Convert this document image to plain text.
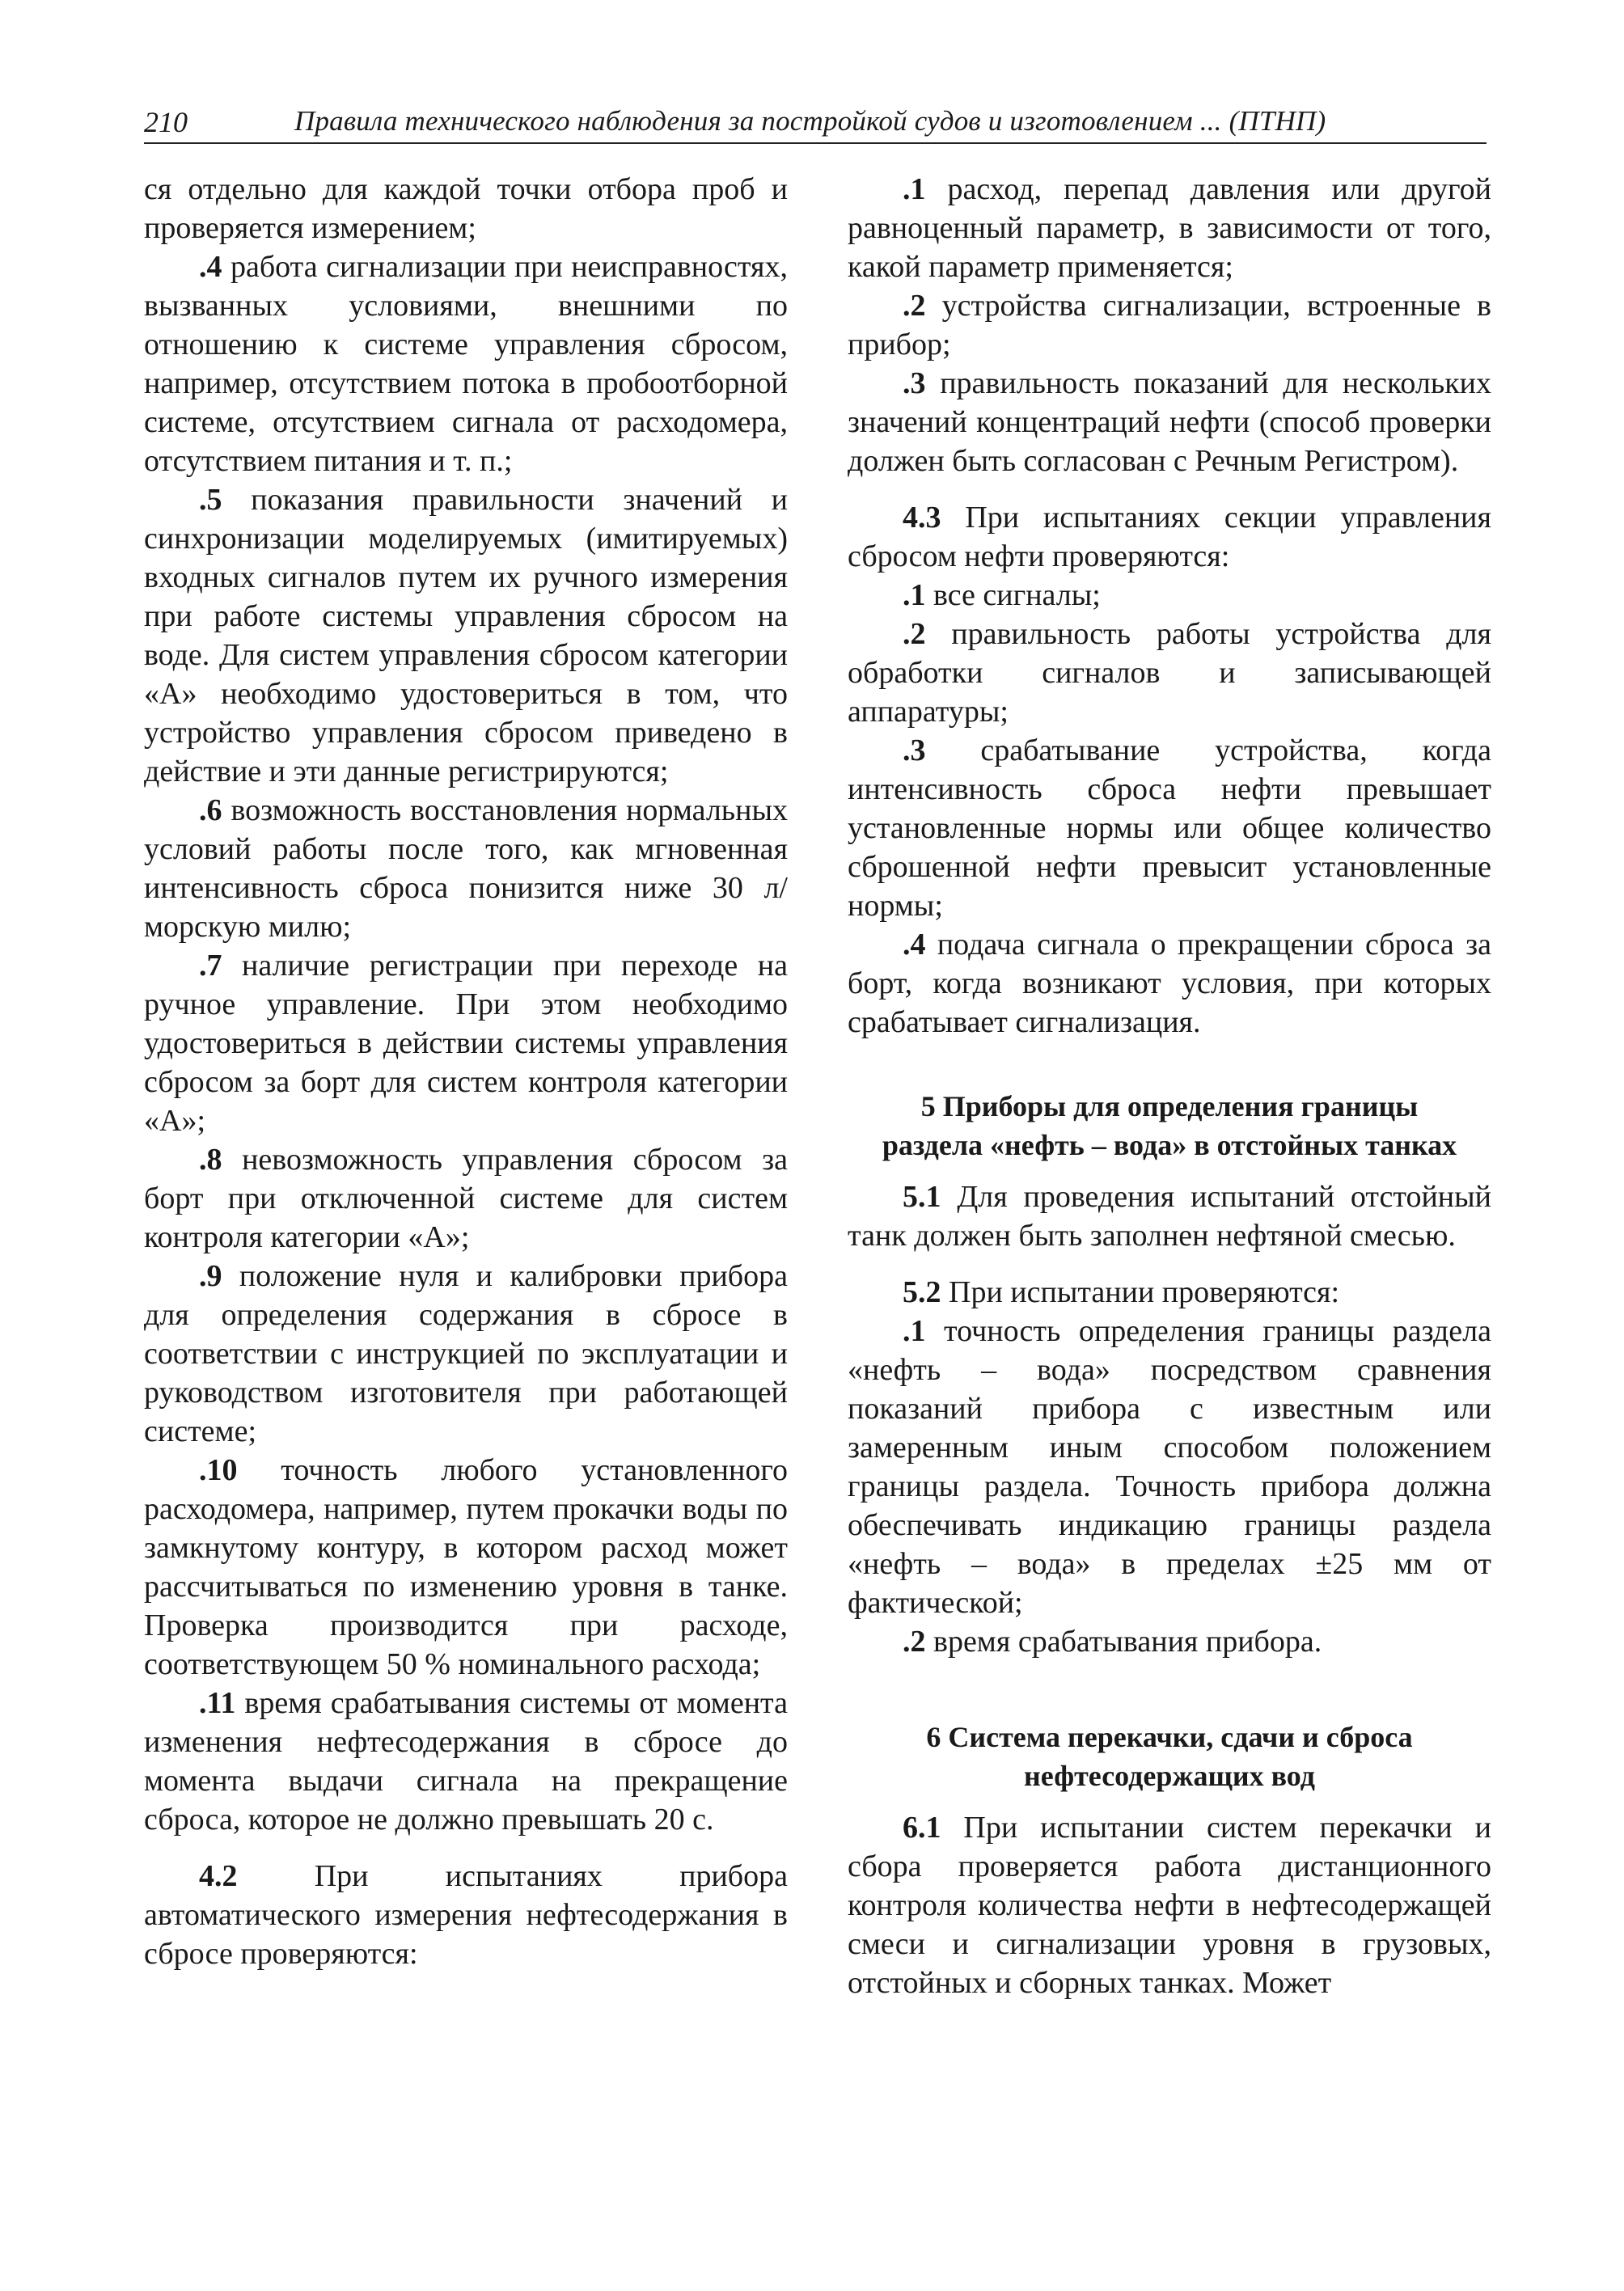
210	Правила технического наблюдения за постройкой судов и изготовлением ... (ПТНП)

ся отдельно для каждой точки отбора проб и проверяется измерением;

.4 работа сигнализации при неисправностях, вызванных условиями, внешними по отношению к системе управления сбросом, например, отсутствием потока в пробоотборной системе, отсутствием сигнала от расходомера, отсутствием питания и т. п.;

.5 показания правильности значений и синхронизации моделируемых (имитируемых) входных сигналов путем их ручного измерения при работе системы управления сбросом на воде. Для систем управления сбросом категории «А» необходимо удостовериться в том, что устройство управления сбросом приведено в действие и эти данные регистрируются;

.6 возможность восстановления нормальных условий работы после того, как мгновенная интенсивность сброса понизится ниже 30 л/морскую милю;

.7 наличие регистрации при переходе на ручное управление. При этом необходимо удостовериться в действии системы управления сбросом за борт для систем контроля категории «А»;

.8 невозможность управления сбросом за борт при отключенной системе для систем контроля категории «А»;

.9 положение нуля и калибровки прибора для определения содержания в сбросе в соответствии с инструкцией по эксплуатации и руководством изготовителя при работающей системе;

.10 точность любого установленного расходомера, например, путем прокачки воды по замкнутому контуру, в котором расход может рассчитываться по изменению уровня в танке. Проверка производится при расходе, соответствующем 50 % номинального расхода;

.11 время срабатывания системы от момента изменения нефтесодержания в сбросе до момента выдачи сигнала на прекращение сброса, которое не должно превышать 20 с.

4.2 При испытаниях прибора автоматического измерения нефтесодержания в сбросе проверяются:

.1 расход, перепад давления или другой равноценный параметр, в зависимости от того, какой параметр применяется;

.2 устройства сигнализации, встроенные в прибор;

.3 правильность показаний для нескольких значений концентраций нефти (способ проверки должен быть согласован с Речным Регистром).

4.3 При испытаниях секции управления сбросом нефти проверяются:

.1 все сигналы;

.2 правильность работы устройства для обработки сигналов и записывающей аппаратуры;

.3 срабатывание устройства, когда интенсивность сброса нефти превышает установленные нормы или общее количество сброшенной нефти превысит установленные нормы;

.4 подача сигнала о прекращении сброса за борт, когда возникают условия, при которых срабатывает сигнализация.

5 Приборы для определения границы
раздела «нефть – вода» в отстойных танках

5.1 Для проведения испытаний отстойный танк должен быть заполнен нефтяной смесью.

5.2 При испытании проверяются:

.1 точность определения границы раздела «нефть – вода» посредством сравнения показаний прибора с известным или замеренным иным способом положением границы раздела. Точность прибора должна обеспечивать индикацию границы раздела «нефть – вода» в пределах ±25 мм от фактической;

.2 время срабатывания прибора.

6 Система перекачки, сдачи и сброса
нефтесодержащих вод

6.1 При испытании систем перекачки и сбора проверяется работа дистанционного контроля количества нефти в нефтесодержащей смеси и сигнализации уровня в грузовых, отстойных и сборных танках. Может
